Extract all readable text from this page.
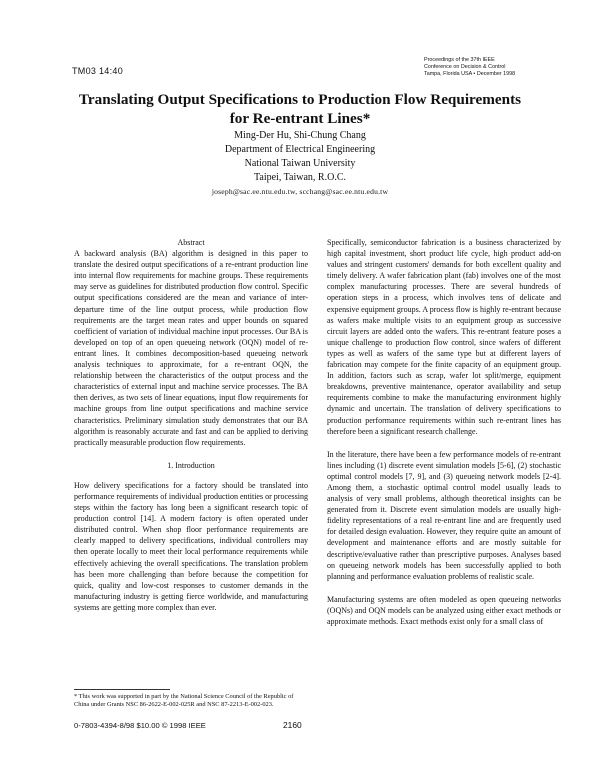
TM03 14:40
Proceedings of the 37th IEEE
Conference on Decision & Control
Tampa, Florida USA • December 1998
Translating Output Specifications to Production Flow Requirements
for Re-entrant Lines*
Ming-Der Hu, Shi-Chung Chang
Department of Electrical Engineering
National Taiwan University
Taipei, Taiwan, R.O.C.
joseph@sac.ee.ntu.edu.tw, scchang@sac.ee.ntu.edu.tw
Abstract

A backward analysis (BA) algorithm is designed in this paper to translate the desired output specifications of a re-entrant production line into internal flow requirements for machine groups. These requirements may serve as guidelines for distributed production flow control. Specific output specifications considered are the mean and variance of inter-departure time of the line output process, while production flow requirements are the target mean rates and upper bounds on squared coefficient of variation of individual machine input processes. Our BA is developed on top of an open queueing network (OQN) model of re-entrant lines. It combines decomposition-based queueing network analysis techniques to approximate, for a re-entrant OQN, the relationship between the characteristics of the output process and the characteristics of external input and machine service processes. The BA then derives, as two sets of linear equations, input flow requirements for machine groups from line output specifications and machine service characteristics. Preliminary simulation study demonstrates that our BA algorithm is reasonably accurate and fast and can be applied to deriving practically measurable production flow requirements.

1. Introduction

How delivery specifications for a factory should be translated into performance requirements of individual production entities or processing steps within the factory has long been a significant research topic of production control [14]. A modern factory is often operated under distributed control. When shop floor performance requirements are clearly mapped to delivery specifications, individual controllers may then operate locally to meet their local performance requirements while effectively achieving the overall specifications. The translation problem has been more challenging than before because the competition for quick, quality and low-cost responses to customer demands in the manufacturing industry is getting fierce worldwide, and manufacturing systems are getting more complex than ever.

* This work was supported in part by the National Science Council of the Republic of China under Grants NSC 86-2622-E-002-025R and NSC 87-2213-E-002-023.

Specifically, semiconductor fabrication is a business characterized by high capital investment, short product life cycle, high product add-on values and stringent customers' demands for both excellent quality and timely delivery. A wafer fabrication plant (fab) involves one of the most complex manufacturing processes. There are several hundreds of operation steps in a process, which involves tens of delicate and expensive equipment groups. A process flow is highly re-entrant because as wafers make multiple visits to an equipment group as successive circuit layers are added onto the wafers. This re-entrant feature poses a unique challenge to production flow control, since wafers of different types as well as wafers of the same type but at different layers of fabrication may compete for the finite capacity of an equipment group. In addition, factors such as scrap, wafer lot split/merge, equipment breakdowns, preventive maintenance, operator availability and setup requirements combine to make the manufacturing environment highly dynamic and uncertain. The translation of delivery specifications to production performance requirements within such re-entrant lines has therefore been a significant research challenge.

In the literature, there have been a few performance models of re-entrant lines including (1) discrete event simulation models [5-6], (2) stochastic optimal control models [7, 9], and (3) queueing network models [2-4]. Among them, a stochastic optimal control model usually leads to analysis of very small problems, although theoretical insights can be generated from it. Discrete event simulation models are usually high-fidelity representations of a real re-entrant line and are frequently used for detailed design evaluation. However, they require quite an amount of development and maintenance efforts and are mostly suitable for descriptive/evaluative rather than prescriptive purposes. Analyses based on queueing network models has been successfully applied to both planning and performance evaluation problems of realistic scale.

Manufacturing systems are often modeled as open queueing networks (OQNs) and OQN models can be analyzed using either exact methods or approximate methods. Exact methods exist only for a small class of

0-7803-4394-8/98 $10.00 © 1998 IEEE	2160
